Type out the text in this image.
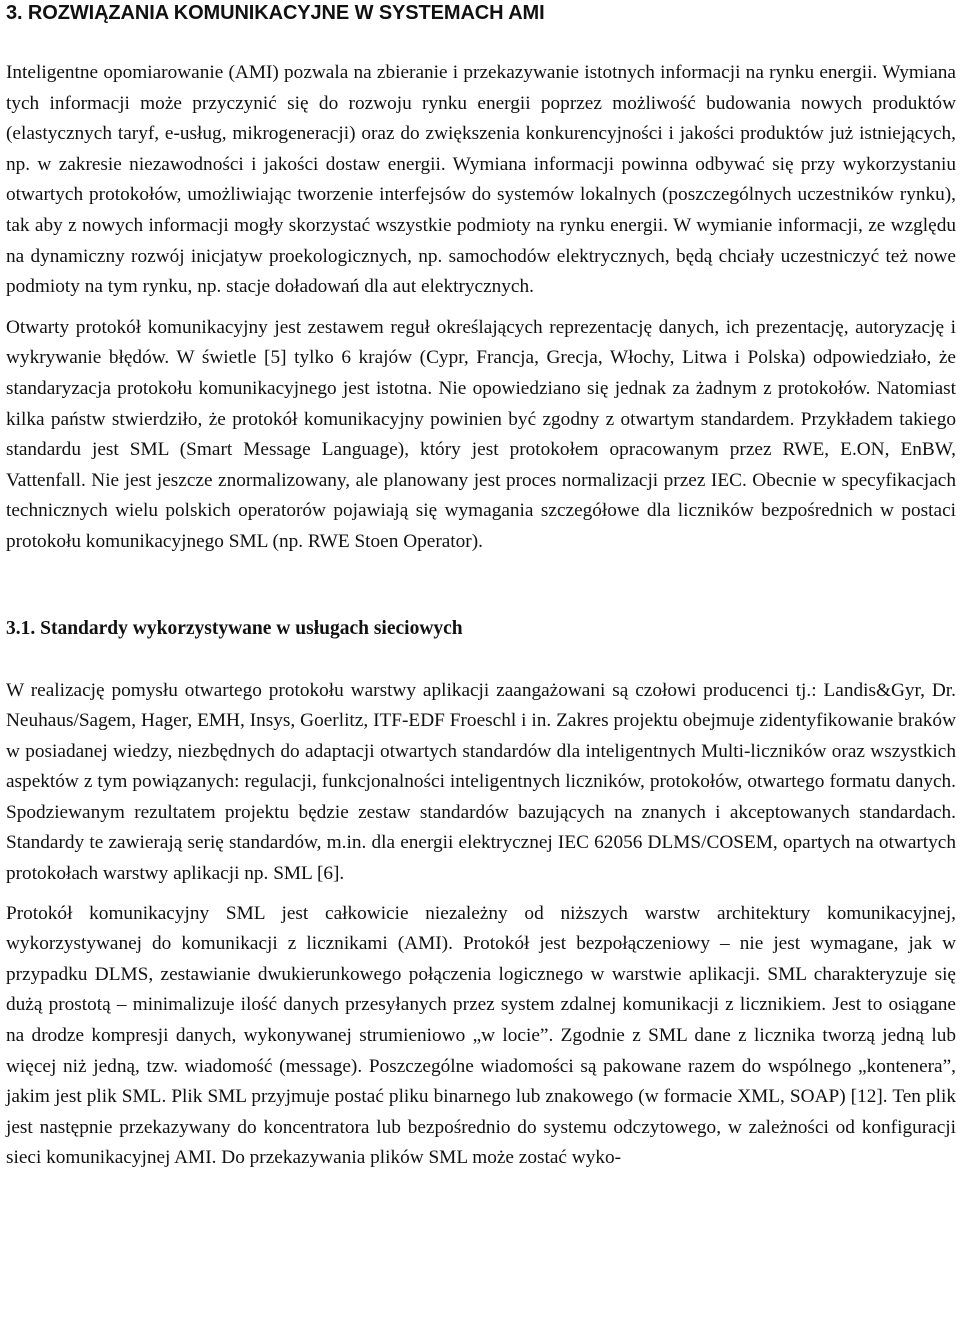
3. ROZWIĄZANIA KOMUNIKACYJNE W SYSTEMACH AMI

Inteligentne opomiarowanie (AMI) pozwala na zbieranie i przekazywanie istotnych informacji na rynku energii. Wymiana tych informacji może przyczynić się do rozwoju rynku energii poprzez możliwość budowania nowych produktów (elastycznych taryf, e-usług, mikrogeneracji) oraz do zwiększenia konkurencyjności i jakości produktów już istniejących, np. w zakresie niezawodności i jakości dostaw energii. Wymiana informacji powinna odbywać się przy wykorzystaniu otwartych protokołów, umożliwiając tworzenie interfejsów do systemów lokalnych (poszczególnych uczestników rynku), tak aby z nowych informacji mogły skorzystać wszystkie podmioty na rynku energii. W wymianie informacji, ze względu na dynamiczny rozwój inicjatyw proekologicznych, np. samochodów elektrycznych, będą chciały uczestniczyć też nowe podmioty na tym rynku, np. stacje doładowań dla aut elektrycznych.

Otwarty protokół komunikacyjny jest zestawem reguł określających reprezentację danych, ich prezentację, autoryzację i wykrywanie błędów. W świetle [5] tylko 6 krajów (Cypr, Francja, Grecja, Włochy, Litwa i Polska) odpowiedziało, że standaryzacja protokołu komunikacyjnego jest istotna. Nie opowiedziano się jednak za żadnym z protokołów. Natomiast kilka państw stwierdziło, że protokół komunikacyjny powinien być zgodny z otwartym standardem. Przykładem takiego standardu jest SML (Smart Message Language), który jest protokołem opracowanym przez RWE, E.ON, EnBW, Vattenfall. Nie jest jeszcze znormalizowany, ale planowany jest proces normalizacji przez IEC. Obecnie w specyfikacjach technicznych wielu polskich operatorów pojawiają się wymagania szczegółowe dla liczników bezpośrednich w postaci protokołu komunikacyjnego SML (np. RWE Stoen Operator).

3.1. Standardy wykorzystywane w usługach sieciowych

W realizację pomysłu otwartego protokołu warstwy aplikacji zaangażowani są czołowi producenci tj.: Landis&Gyr, Dr. Neuhaus/Sagem, Hager, EMH, Insys, Goerlitz, ITF-EDF Froeschl i in. Zakres projektu obejmuje zidentyfikowanie braków w posiadanej wiedzy, niezbędnych do adaptacji otwartych standardów dla inteligentnych Multi-liczników oraz wszystkich aspektów z tym powiązanych: regulacji, funkcjonalności inteligentnych liczników, protokołów, otwartego formatu danych. Spodziewanym rezultatem projektu będzie zestaw standardów bazujących na znanych i akceptowanych standardach. Standardy te zawierają serię standardów, m.in. dla energii elektrycznej IEC 62056 DLMS/COSEM, opartych na otwartych protokołach warstwy aplikacji np. SML [6].

Protokół komunikacyjny SML jest całkowicie niezależny od niższych warstw architektury komunikacyjnej, wykorzystywanej do komunikacji z licznikami (AMI). Protokół jest bezpołączeniowy – nie jest wymagane, jak w przypadku DLMS, zestawianie dwukierunkowego połączenia logicznego w warstwie aplikacji. SML charakteryzuje się dużą prostotą – minimalizuje ilość danych przesyłanych przez system zdalnej komunikacji z licznikiem. Jest to osiągane na drodze kompresji danych, wykonywanej strumieniowo „w locie”. Zgodnie z SML dane z licznika tworzą jedną lub więcej niż jedną, tzw. wiadomość (message). Poszczególne wiadomości są pakowane razem do wspólnego „kontenera”, jakim jest plik SML. Plik SML przyjmuje postać pliku binarnego lub znakowego (w formacie XML, SOAP) [12]. Ten plik jest następnie przekazywany do koncentratora lub bezpośrednio do systemu odczytowego, w zależności od konfiguracji sieci komunikacyjnej AMI. Do przekazywania plików SML może zostać wyko-
